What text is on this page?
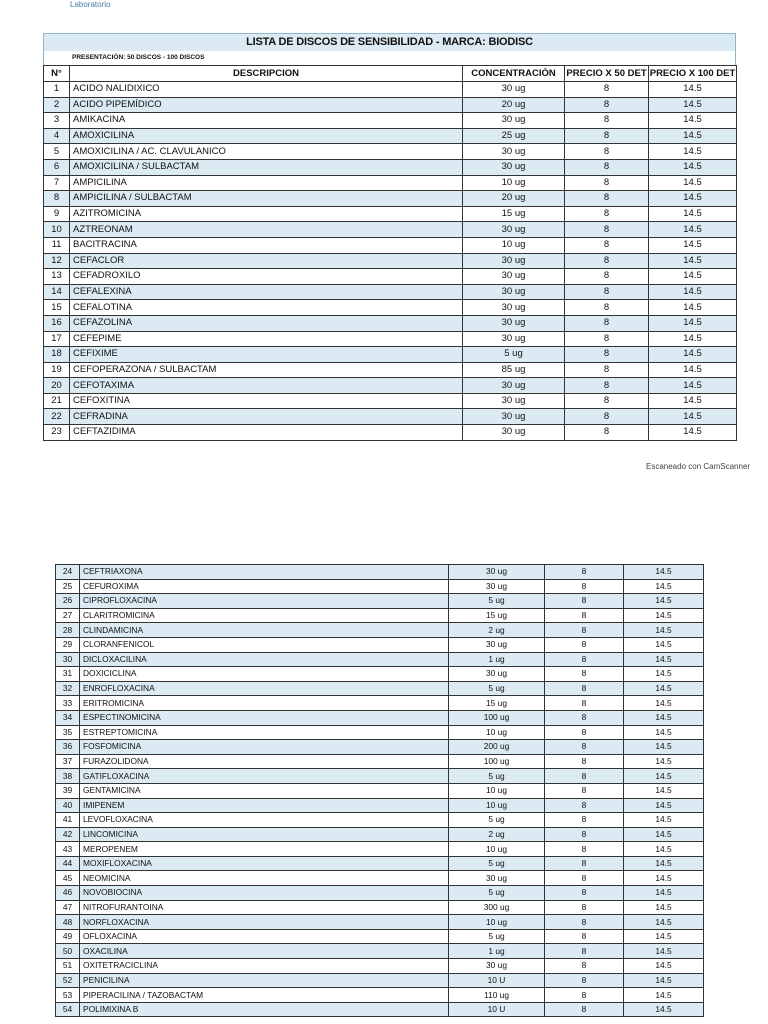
Laboratorio
LISTA DE DISCOS DE SENSIBILIDAD - MARCA: BIODISC
PRESENTACIÓN: 50 DISCOS - 100 DISCOS
N°	DESCRIPCION	CONCENTRACIÓN	PRECIO X 50 DET	PRECIO X 100 DET
1	ACIDO NALIDIXICO	30 ug	8	14.5
2	ACIDO PIPEMÍDICO	20 ug	8	14.5
3	AMIKACINA	30 ug	8	14.5
4	AMOXICILINA	25 ug	8	14.5
5	AMOXICILINA / AC. CLAVULANICO	30 ug	8	14.5
6	AMOXICILINA / SULBACTAM	30 ug	8	14.5
7	AMPICILINA	10 ug	8	14.5
8	AMPICILINA / SULBACTAM	20 ug	8	14.5
9	AZITROMICINA	15 ug	8	14.5
10	AZTREONAM	30 ug	8	14.5
11	BACITRACINA	10 ug	8	14.5
12	CEFACLOR	30 ug	8	14.5
13	CEFADROXILO	30 ug	8	14.5
14	CEFALEXINA	30 ug	8	14.5
15	CEFALOTINA	30 ug	8	14.5
16	CEFAZOLINA	30 ug	8	14.5
17	CEFEPIME	30 ug	8	14.5
18	CEFIXIME	5 ug	8	14.5
19	CEFOPERAZONA / SULBACTAM	85 ug	8	14.5
20	CEFOTAXIMA	30 ug	8	14.5
21	CEFOXITINA	30 ug	8	14.5
22	CEFRADINA	30 ug	8	14.5
23	CEFTAZIDIMA	30 ug	8	14.5
Escaneado con CamScanner
24	CEFTRIAXONA	30 ug	8	14.5
25	CEFUROXIMA	30 ug	8	14.5
26	CIPROFLOXACINA	5 ug	8	14.5
27	CLARITROMICINA	15 ug	8	14.5
28	CLINDAMICINA	2 ug	8	14.5
29	CLORANFENICOL	30 ug	8	14.5
30	DICLOXACILINA	1 ug	8	14.5
31	DOXICICLINA	30 ug	8	14.5
32	ENROFLOXACINA	5 ug	8	14.5
33	ERITROMICINA	15 ug	8	14.5
34	ESPECTINOMICINA	100 ug	8	14.5
35	ESTREPTOMICINA	10 ug	8	14.5
36	FOSFOMICINA	200 ug	8	14.5
37	FURAZOLIDONA	100 ug	8	14.5
38	GATIFLOXACINA	5 ug	8	14.5
39	GENTAMICINA	10 ug	8	14.5
40	IMIPENEM	10 ug	8	14.5
41	LEVOFLOXACINA	5 ug	8	14.5
42	LINCOMICINA	2 ug	8	14.5
43	MEROPENEM	10 ug	8	14.5
44	MOXIFLOXACINA	5 ug	8	14.5
45	NEOMICINA	30 ug	8	14.5
46	NOVOBIOCINA	5 ug	8	14.5
47	NITROFURANTOINA	300 ug	8	14.5
48	NORFLOXACINA	10 ug	8	14.5
49	OFLOXACINA	5 ug	8	14.5
50	OXACILINA	1 ug	8	14.5
51	OXITETRACICLINA	30 ug	8	14.5
52	PENICILINA	10 U	8	14.5
53	PIPERACILINA / TAZOBACTAM	110 ug	8	14.5
54	POLIMIXINA B	10 U	8	14.5
